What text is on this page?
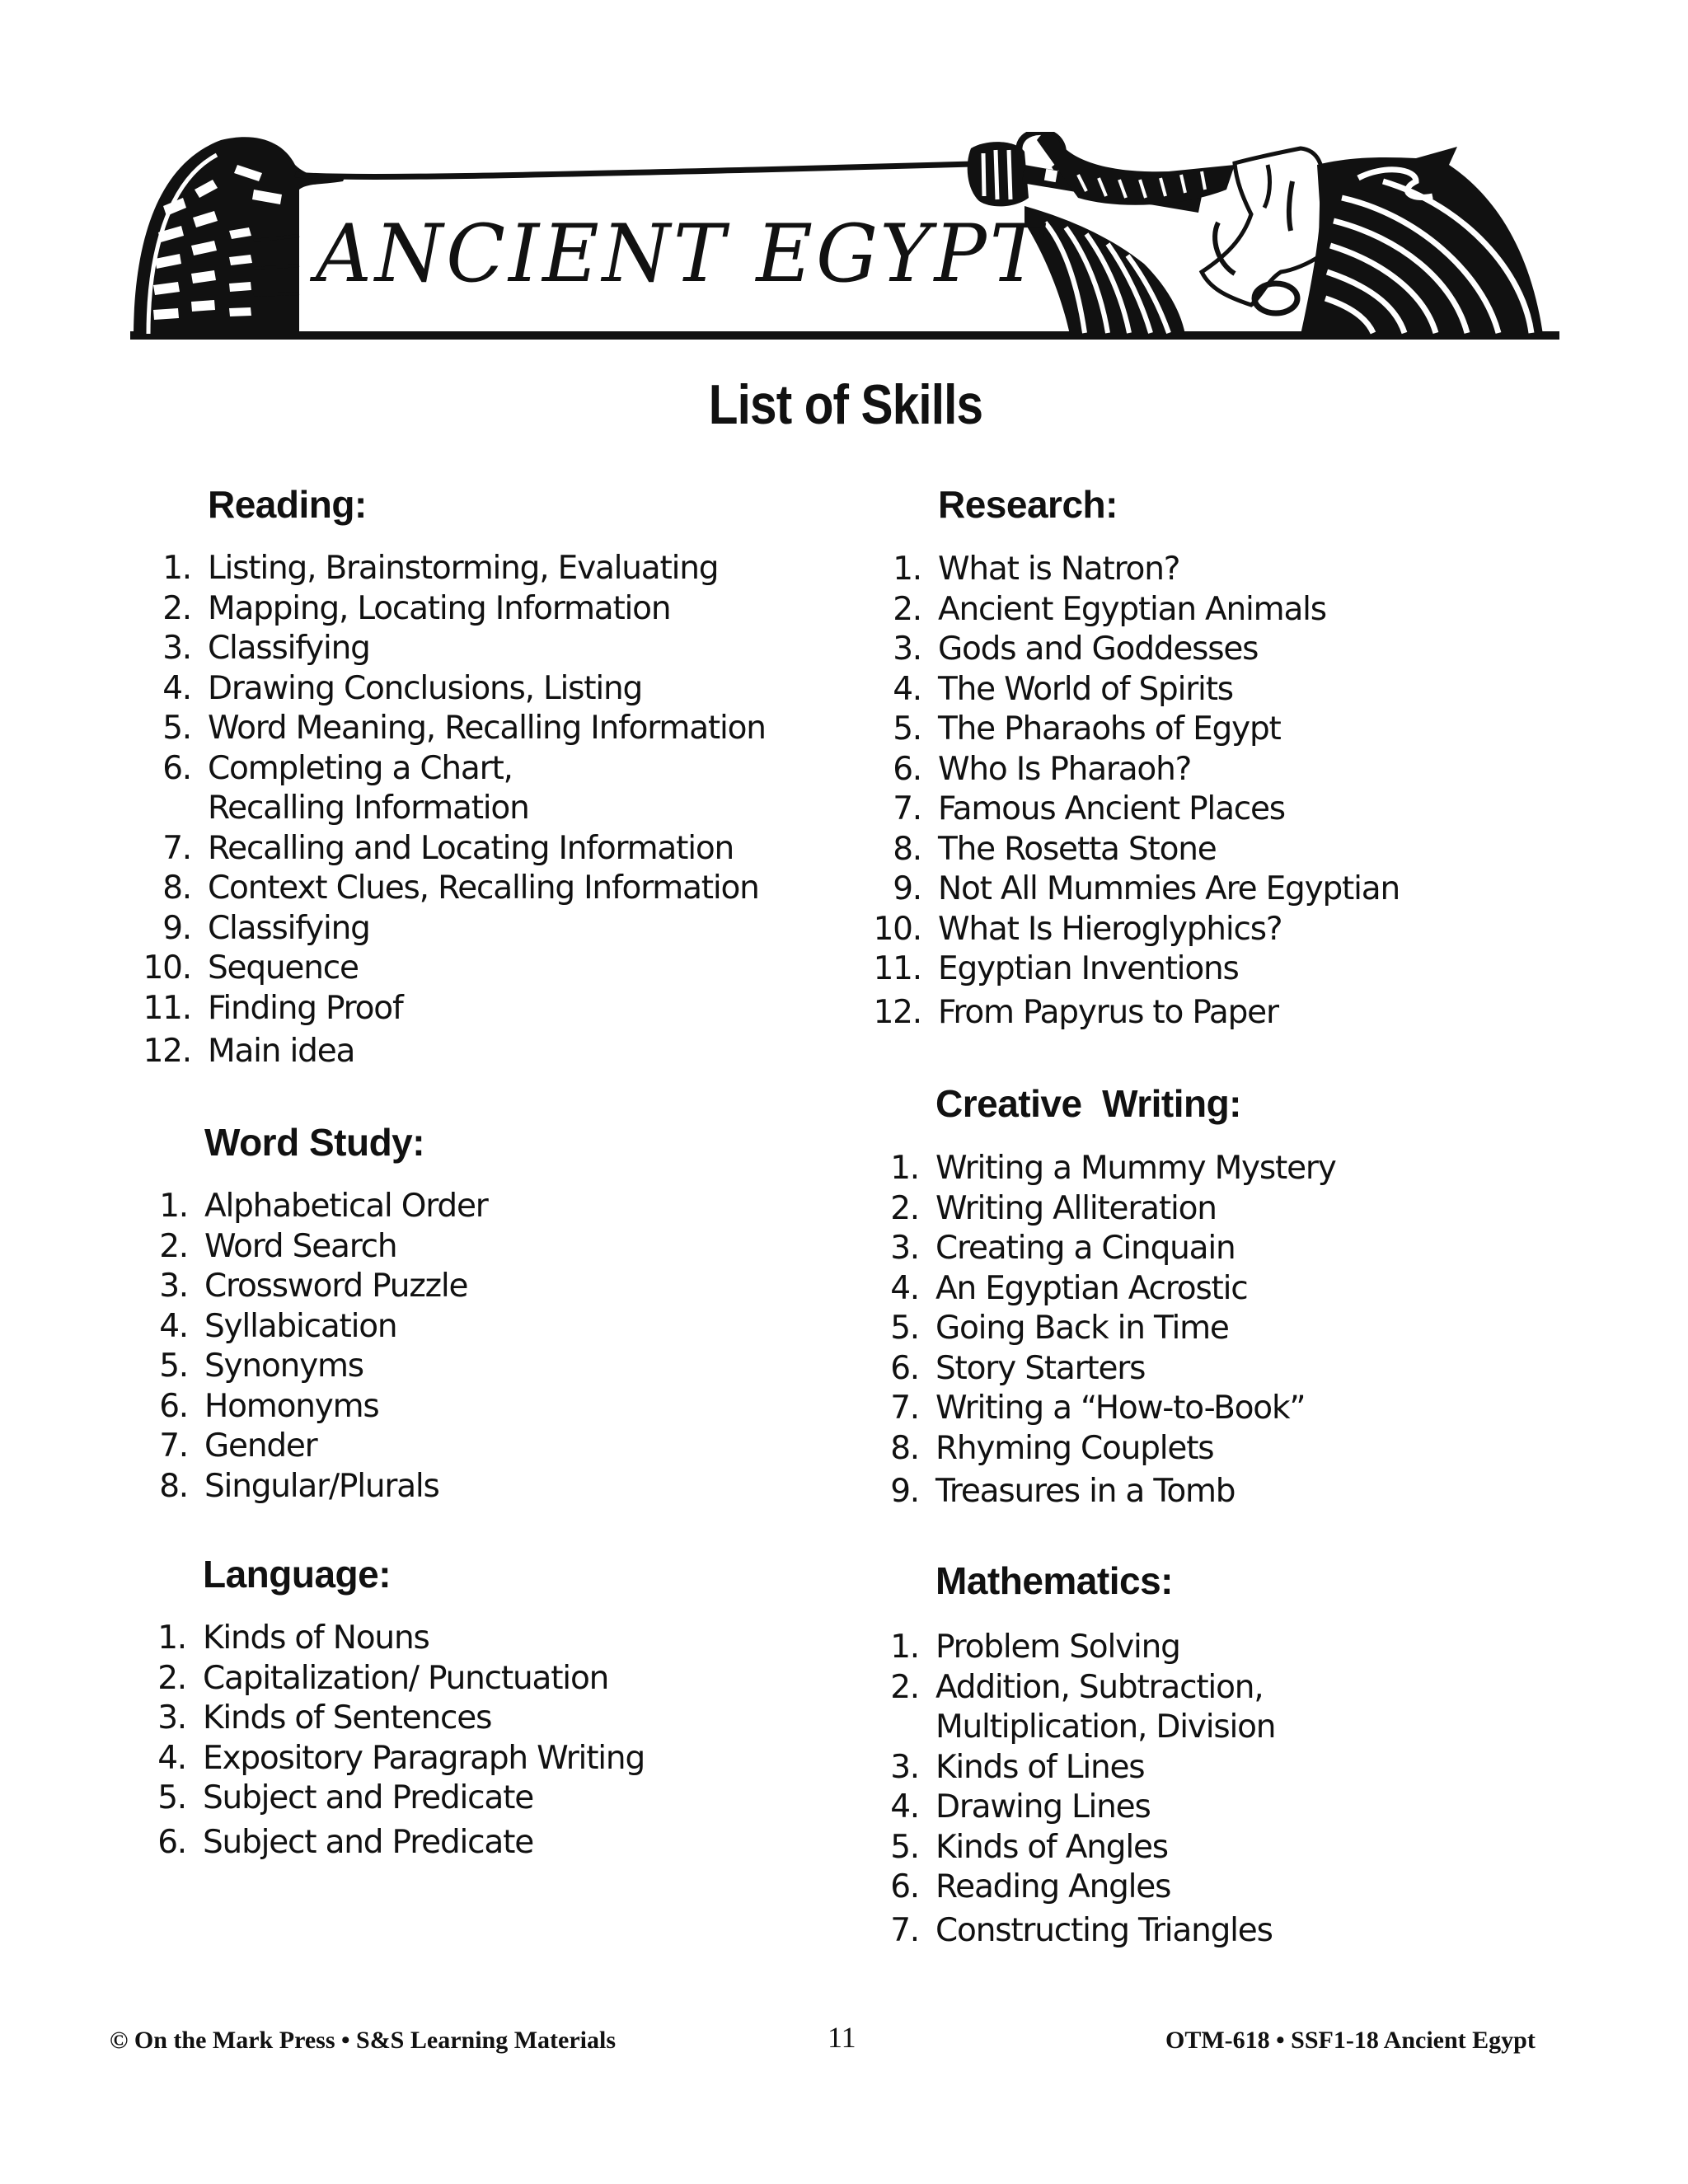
ANCIENT EGYPT
List of Skills
Reading:
1. Listing, Brainstorming, Evaluating
2. Mapping, Locating Information
3. Classifying
4. Drawing Conclusions, Listing
5. Word Meaning, Recalling Information
6. Completing a Chart,
Recalling Information
7. Recalling and Locating Information
8. Context Clues, Recalling Information
9. Classifying
10. Sequence
11. Finding Proof
12. Main idea
Word Study:
1. Alphabetical Order
2. Word Search
3. Crossword Puzzle
4. Syllabication
5. Synonyms
6. Homonyms
7. Gender
8. Singular/Plurals
Language:
1. Kinds of Nouns
2. Capitalization/ Punctuation
3. Kinds of Sentences
4. Expository Paragraph Writing
5. Subject and Predicate
6. Subject and Predicate
Research:
1. What is Natron?
2. Ancient Egyptian Animals
3. Gods and Goddesses
4. The World of Spirits
5. The Pharaohs of Egypt
6. Who Is Pharaoh?
7. Famous Ancient Places
8. The Rosetta Stone
9. Not All Mummies Are Egyptian
10. What Is Hieroglyphics?
11. Egyptian Inventions
12. From Papyrus to Paper
Creative  Writing:
1. Writing a Mummy Mystery
2. Writing Alliteration
3. Creating a Cinquain
4. An Egyptian Acrostic
5. Going Back in Time
6. Story Starters
7. Writing a “How-to-Book”
8. Rhyming Couplets
9. Treasures in a Tomb
Mathematics:
1. Problem Solving
2. Addition, Subtraction,
Multiplication, Division
3. Kinds of Lines
4. Drawing Lines
5. Kinds of Angles
6. Reading Angles
7. Constructing Triangles
© On the Mark Press • S&S Learning Materials	11	OTM-618 • SSF1-18 Ancient Egypt
